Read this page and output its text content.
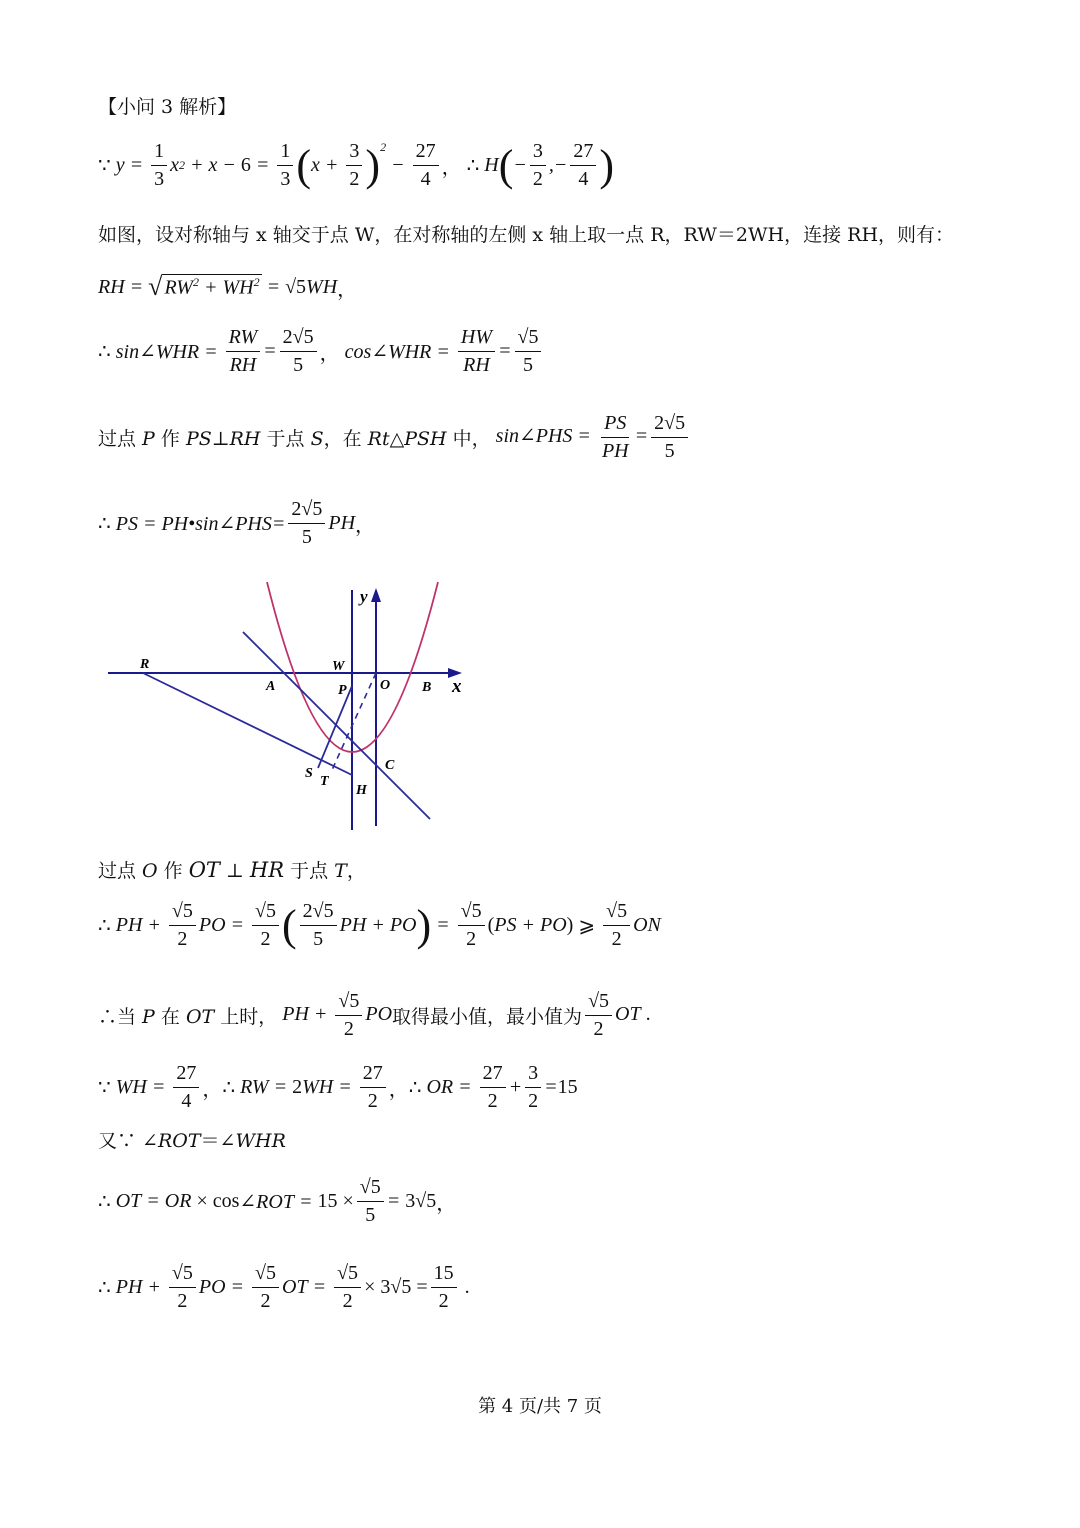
【小问 3 解析】
∵ $y = \frac{1}{3}$ x $2 + x - 6 = \frac{1}{3}$ ( $x + \frac{3}{2} )^2$
− $\frac{27}{4}$ ，
∴ H ( − $\frac{3}{2}$ ,− $\frac{27}{4}$ )
如图，设对称轴与 x 轴交于点 W，在对称轴的左侧 x 轴上取一点 R，RW＝2WH，连接 RH，则有：
RH = √ $RW^2 + WH^2 = √5$ WH ，
∴ sin∠WHR = $\frac{RW}{RH} = \frac{2√5}{5}$ ， cos∠WHR = $\frac{HW}{RH} = \frac{√5}{5}$
过点 P 作 PS⊥RH 于点 S，在 Rt△PSH 中， sin∠PHS = $\frac{PS}{PH} = \frac{2√5}{5}$
∴ PS = PH•sin∠PHS= $\frac{2√5}{5}$ PH ，
R	W
A	O B
P
S
T
H
C
x
y
过点 O 作 OT ⊥ HR 于点 T，
∴ PH + $\frac{√5}{2}$ PO = $\frac{√5}{2}$ ( $\frac{2√5}{5}$ PH + PO ) = $\frac{√5}{2}$ ( PS + PO )
⩾
$\frac{√5}{2}$ ON
∴当 P 在 OT 上时， PH + $\frac{√5}{2}$ PO 取得最小值，最小值为 $\frac{√5}{2}$ OT .
∵ WH = $\frac{27}{4}$ ， ∴ RW = 2 WH = $\frac{27}{2}$ ， ∴ OR = $\frac{27}{2} + \frac{3}{2} = 15$
又∵ ∠ROT＝∠WHR
∴ OT = OR ×
cos ∠ROT = 15
× $\frac{√5}{5} = 3√5$ ，
∴ PH + $\frac{√5}{2}$ PO = $\frac{√5}{2}$ OT = $\frac{√5}{2} \times 3√5 = \frac{15}{2}$ .
第 4 页/共 7 页
